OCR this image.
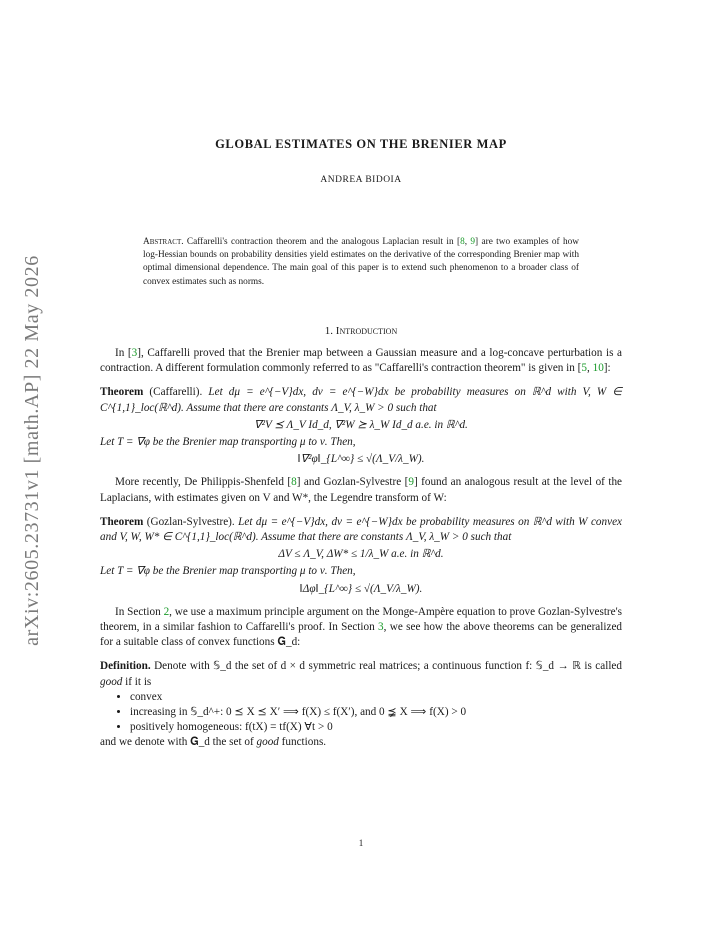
arXiv:2605.23731v1 [math.AP] 22 May 2026
GLOBAL ESTIMATES ON THE BRENIER MAP
ANDREA BIDOIA
Abstract. Caffarelli's contraction theorem and the analogous Laplacian result in [8, 9] are two examples of how log-Hessian bounds on probability densities yield estimates on the derivative of the corresponding Brenier map with optimal dimensional dependence. The main goal of this paper is to extend such phenomenon to a broader class of convex estimates such as norms.
1. Introduction

In [3], Caffarelli proved that the Brenier map between a Gaussian measure and a log-concave perturbation is a contraction. A different formulation commonly referred to as "Caffarelli's contraction theorem" is given in [5, 10]:

Theorem (Caffarelli). Let dμ = e^{−V}dx, dν = e^{−W}dx be probability measures on ℝ^d with V, W ∈ C^{1,1}_loc(ℝ^d). Assume that there are constants Λ_V, λ_W > 0 such that

∇²V ⪯ Λ_V Id_d, ∇²W ⪰ λ_W Id_d a.e. in ℝ^d.

Let T = ∇φ be the Brenier map transporting μ to ν. Then,

‖∇²φ‖_{L^∞} ≤ √(Λ_V/λ_W).

More recently, De Philippis-Shenfeld [8] and Gozlan-Sylvestre [9] found an analogous result at the level of the Laplacians, with estimates given on V and W*, the Legendre transform of W:

Theorem (Gozlan-Sylvestre). Let dμ = e^{−V}dx, dν = e^{−W}dx be probability measures on ℝ^d with W convex and V, W, W* ∈ C^{1,1}_loc(ℝ^d). Assume that there are constants Λ_V, λ_W > 0 such that

ΔV ≤ Λ_V, ΔW* ≤ 1/λ_W a.e. in ℝ^d.

Let T = ∇φ be the Brenier map transporting μ to ν. Then,

‖Δφ‖_{L^∞} ≤ √(Λ_V/λ_W).

In Section 2, we use a maximum principle argument on the Monge-Ampère equation to prove Gozlan-Sylvestre's theorem, in a similar fashion to Caffarelli's proof. In Section 3, we see how the above theorems can be generalized for a suitable class of convex functions 𝐆_d:

Definition. Denote with 𝕊_d the set of d × d symmetric real matrices; a continuous function f: 𝕊_d → ℝ is called good if it is

• convex
• increasing in 𝕊_d^+: 0 ⪯ X ⪯ X′ ⟹ f(X) ≤ f(X′), and 0 ⪵ X ⟹ f(X) > 0
• positively homogeneous: f(tX) = tf(X) ∀t > 0

and we denote with 𝐆_d the set of good functions.

1
